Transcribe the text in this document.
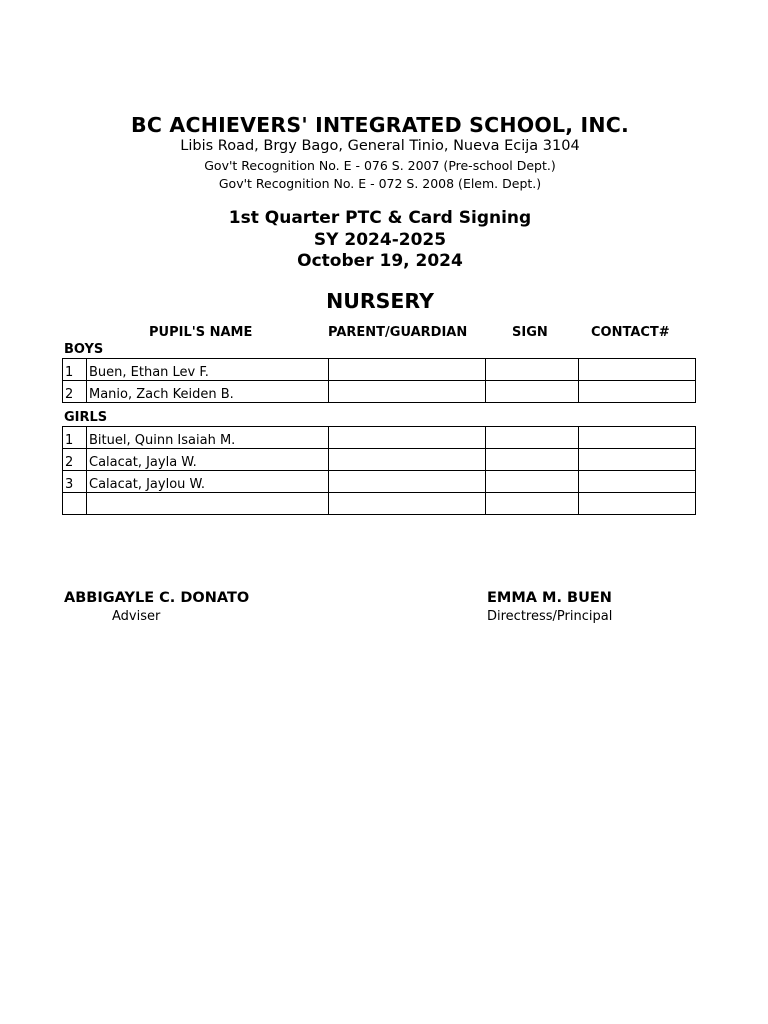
BC ACHIEVERS' INTEGRATED SCHOOL, INC.
Libis Road, Brgy Bago, General Tinio, Nueva Ecija 3104
Gov't Recognition No. E - 076 S. 2007 (Pre-school Dept.)
Gov't Recognition No. E - 072 S. 2008 (Elem. Dept.)
1st Quarter PTC & Card Signing
SY 2024-2025
October 19, 2024
NURSERY
PUPIL'S NAME	PARENT/GUARDIAN	SIGN	CONTACT#
BOYS
1	Buen, Ethan Lev F.			
2	Manio, Zach Keiden B.			
GIRLS
1	Bituel, Quinn Isaiah M.			
2	Calacat, Jayla W.			
3	Calacat, Jaylou W.			

ABBIGAYLE C. DONATO
Adviser
EMMA M. BUEN
Directress/Principal
